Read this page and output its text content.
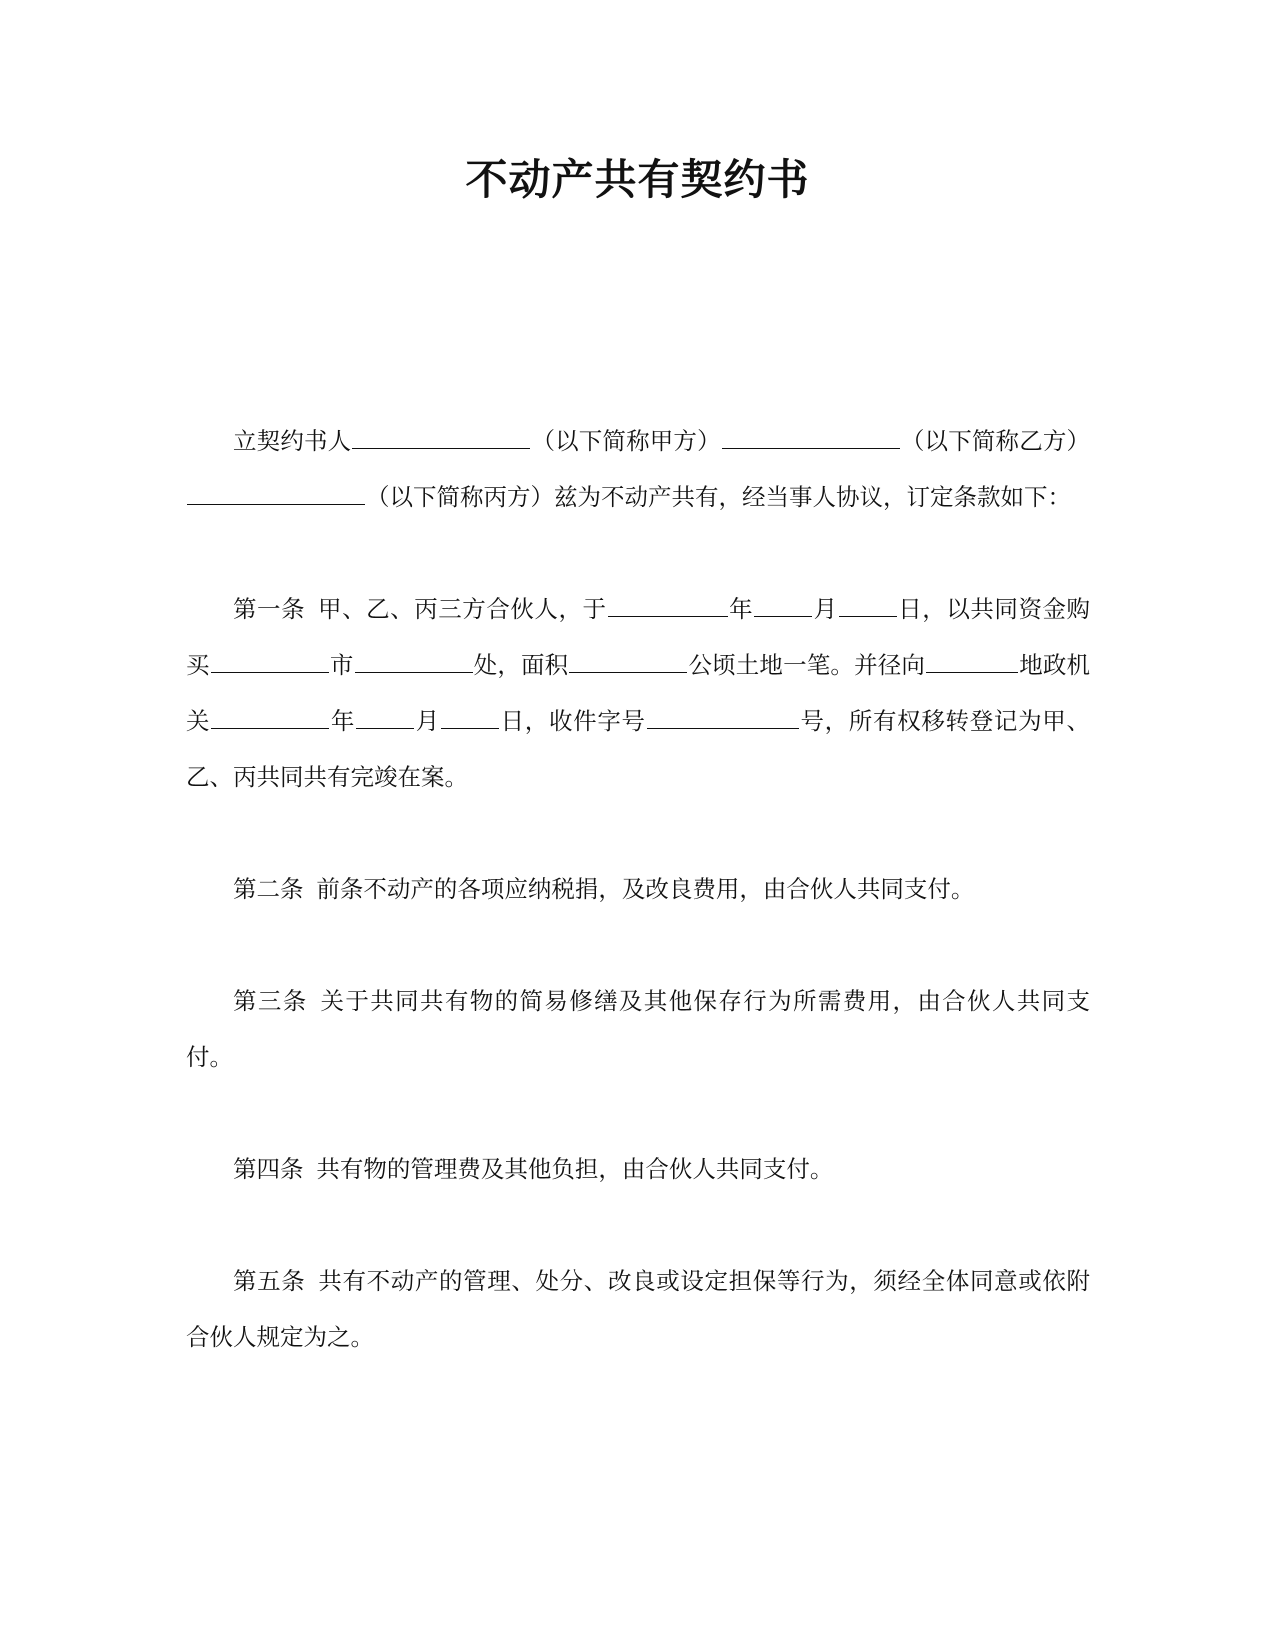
不动产共有契约书

立契约书人	（以下简称甲方）	（以下简称乙方）（以下简称丙方）兹为不动产共有，经当事人协议，订定条款如下：

第一条 甲、乙、丙三方合伙人，于	年	月	日，以共同资金购买	市	处，面积	公顷土地一笔。并径向	地政机关	年	月	日，收件字号	号，所有权移转登记为甲、乙、丙共同共有完竣在案。

第二条 前条不动产的各项应纳税捐，及改良费用，由合伙人共同支付。

第三条 关于共同共有物的简易修缮及其他保存行为所需费用，由合伙人共同支付。

第四条 共有物的管理费及其他负担，由合伙人共同支付。

第五条 共有不动产的管理、处分、改良或设定担保等行为，须经全体同意或依附合伙人规定为之。
